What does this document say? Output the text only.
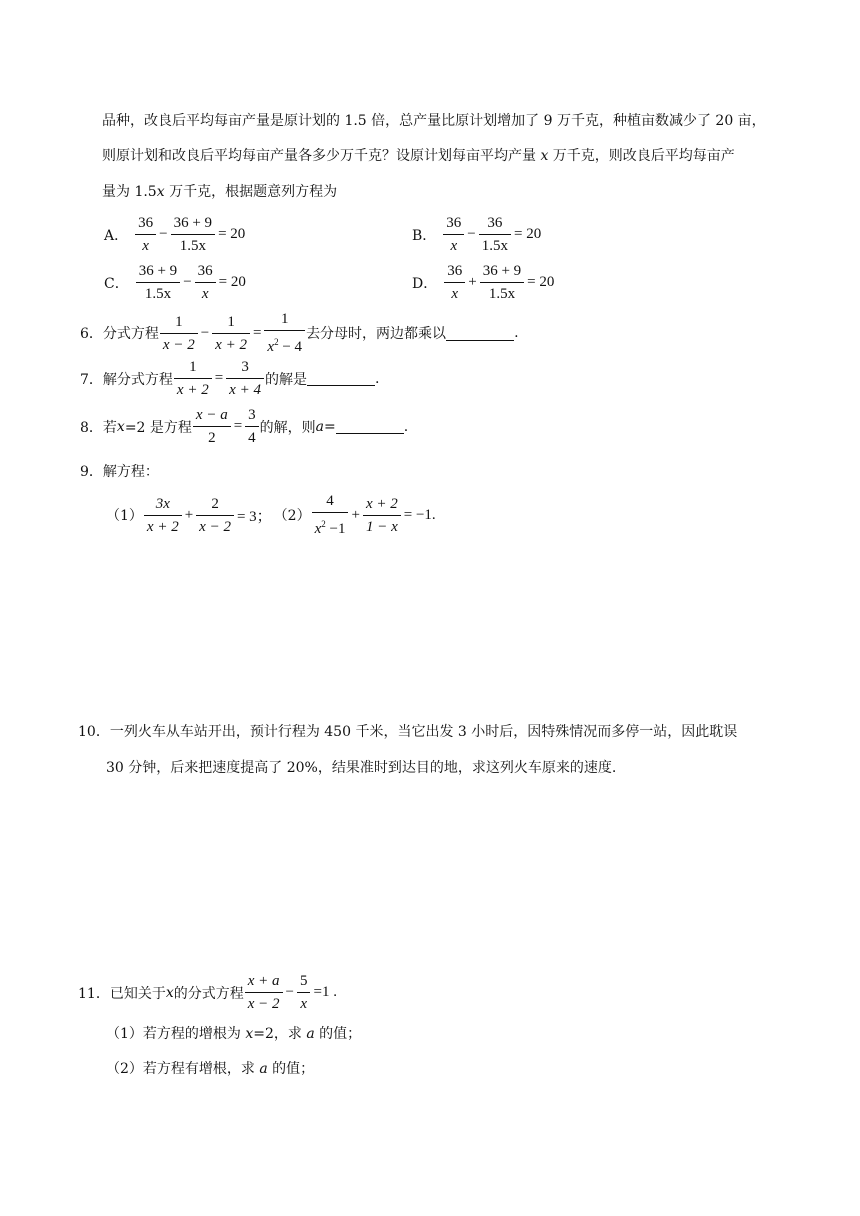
品种，改良后平均每亩产量是原计划的 1.5 倍，总产量比原计划增加了 9 万千克，种植亩数减少了 20 亩，
则原计划和改良后平均每亩产量各多少万千克？设原计划每亩平均产量 x 万千克，则改良后平均每亩产
量为 1.5x 万千克，根据题意列方程为
A． $\frac{36}{x} - \frac{36 + 9}{1.5x} = 20$	B． $\frac{36}{x} - \frac{36}{1.5x} = 20$
C． $\frac{36 + 9}{1.5x} - \frac{36}{x} = 20$	D． $\frac{36}{x} + \frac{36 + 9}{1.5x} = 20$
6． 分式方程 $\frac{1}{x - 2} - \frac{1}{x + 2} = \frac{1}{x^2 - 4}$ 去分母时，两边都乘以	.
7． 解分式方程 $\frac{1}{x + 2} = \frac{3}{x + 4}$ 的解是	.
8． 若 x =2 是方程 $\frac{x - a}{2} = \frac{3}{4}$ 的解，则 a =	.
9．解方程：
$(1) \frac{3x}{x + 2} + \frac{2}{x - 2} = 3$； $(2) \frac{4}{x^2 -1} + \frac{x + 2}{1 - x} = -1$.
10．一列火车从车站开出，预计行程为 450 千米，当它出发 3 小时后，因特殊情况而多停一站，因此耽误
30 分钟，后来把速度提高了 20%，结果准时到达目的地，求这列火车原来的速度.
11． 已知关于 x 的分式方程 $\frac{x + a}{x - 2} - \frac{5}{x} =1$ .
（1）若方程的增根为 x=2，求 a 的值；
（2）若方程有增根，求 a 的值；
